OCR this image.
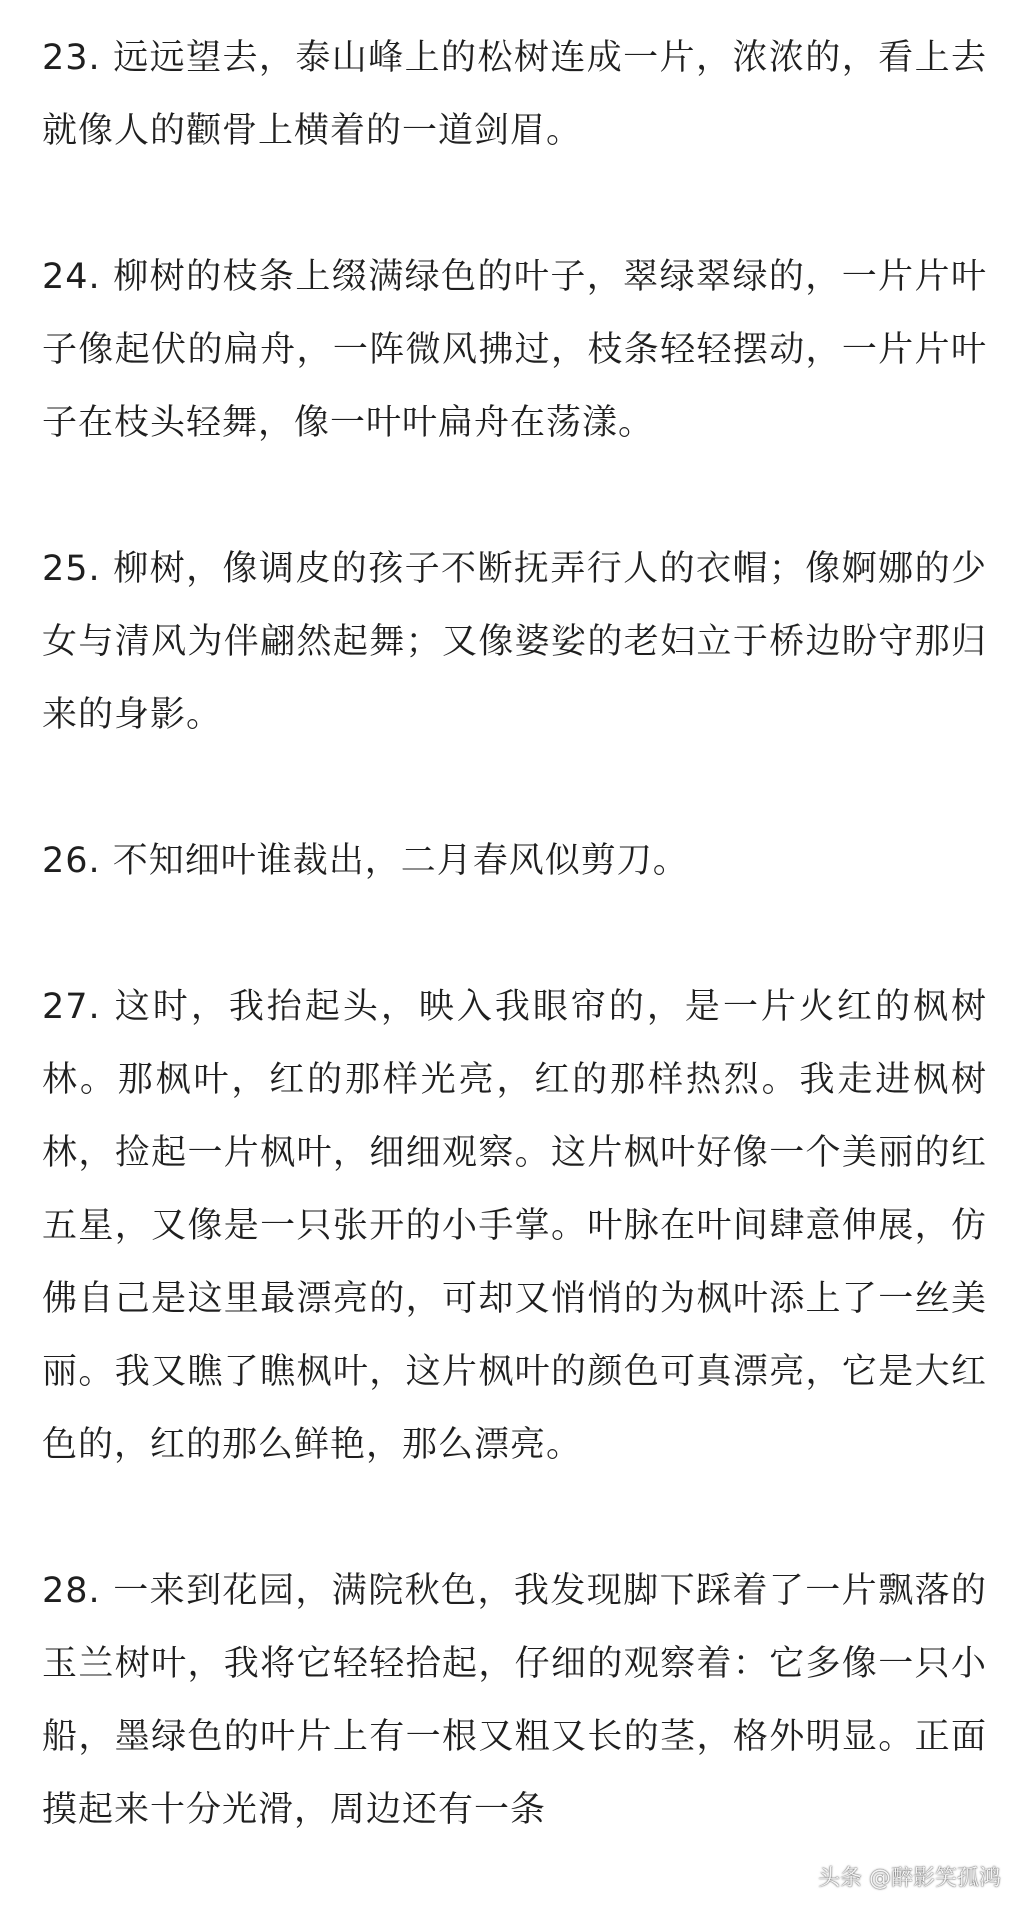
23. 远远望去，泰山峰上的松树连成一片，浓浓的，看上去就像人的颧骨上横着的一道剑眉。

24. 柳树的枝条上缀满绿色的叶子，翠绿翠绿的，一片片叶子像起伏的扁舟，一阵微风拂过，枝条轻轻摆动，一片片叶子在枝头轻舞，像一叶叶扁舟在荡漾。

25. 柳树，像调皮的孩子不断抚弄行人的衣帽；像婀娜的少女与清风为伴翩然起舞；又像婆娑的老妇立于桥边盼守那归来的身影。

26. 不知细叶谁裁出，二月春风似剪刀。

27. 这时，我抬起头，映入我眼帘的，是一片火红的枫树林。那枫叶，红的那样光亮，红的那样热烈。我走进枫树林，捡起一片枫叶，细细观察。这片枫叶好像一个美丽的红五星，又像是一只张开的小手掌。叶脉在叶间肆意伸展，仿佛自己是这里最漂亮的，可却又悄悄的为枫叶添上了一丝美丽。我又瞧了瞧枫叶，这片枫叶的颜色可真漂亮，它是大红色的，红的那么鲜艳，那么漂亮。

28. 一来到花园，满院秋色，我发现脚下踩着了一片飘落的玉兰树叶，我将它轻轻拾起，仔细的观察着：它多像一只小船，墨绿色的叶片上有一根又粗又长的茎，格外明显。正面摸起来十分光滑，周边还有一条

头条 @醉影笑孤鸿
